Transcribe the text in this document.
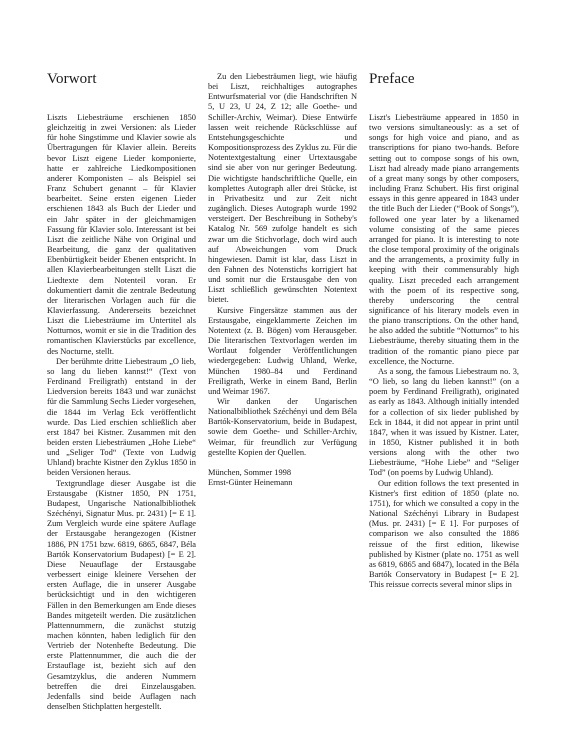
Vorwort	Preface

Liszts Liebesträume erschienen 1850 gleichzeitig in zwei Versionen: als Lieder für hohe Singstimme und Klavier sowie als Übertragungen für Klavier allein. Bereits bevor Liszt eigene Lieder komponierte, hatte er zahlreiche Liedkompositionen anderer Komponisten – als Beispiel sei Franz Schubert genannt – für Klavier bearbeitet. Seine ersten eigenen Lieder erschienen 1843 als Buch der Lieder und ein Jahr später in der gleichmamigen Fassung für Klavier solo. Interessant ist bei Liszt die zeitliche Nähe von Original und Bearbeitung, die ganz der qualitativen Ebenbürtigkeit beider Ebenen entspricht. In allen Klavierbearbeitungen stellt Liszt die Liedtexte dem Notenteil voran. Er dokumentiert damit die zentrale Bedeutung der literarischen Vorlagen auch für die Klavierfassung. Andererseits bezeichnet Liszt die Liebesträume im Untertitel als Notturnos, womit er sie in die Tradition des romantischen Klavierstücks par excellence, des Nocturne, stellt.

Der berühmte dritte Liebestraum „O lieb, so lang du lieben kannst!“ (Text von Ferdinand Freiligrath) entstand in der Liedversion bereits 1843 und war zunächst für die Sammlung Sechs Lieder vorgesehen, die 1844 im Verlag Eck veröffentlicht wurde. Das Lied erschien schließlich aber erst 1847 bei Kistner. Zusammen mit den beiden ersten Liebesträumen „Hohe Liebe“ und „Seliger Tod“ (Texte von Ludwig Uhland) brachte Kistner den Zyklus 1850 in beiden Versionen heraus.

Textgrundlage dieser Ausgabe ist die Erstausgabe (Kistner 1850, PN 1751, Budapest, Ungarische Nationalbibliothek Széchényi, Signatur Mus. pr. 2431) [= E 1]. Zum Vergleich wurde eine spätere Auflage der Erstausgabe herangezogen (Kistner 1886, PN 1751 bzw. 6819, 6865, 6847, Béla Bartók Konservatorium Budapest) [= E 2]. Diese Neuauflage der Erstausgabe verbessert einige kleinere Versehen der ersten Auflage, die in unserer Ausgabe berücksichtigt und in den wichtigeren Fällen in den Bemerkungen am Ende dieses Bandes mitgeteilt werden. Die zusätzlichen Plattennummern, die zunächst stutzig machen könnten, haben lediglich für den Vertrieb der Notenhefte Bedeutung. Die erste Plattennummer, die auch die der Erstauflage ist, bezieht sich auf den Gesamtzyklus, die anderen Nummern betreffen die drei Einzelausgaben. Jedenfalls sind beide Auflagen nach denselben Stichplatten hergestellt.

Zu den Liebesträumen liegt, wie häufig bei Liszt, reichhaltiges autographes Entwurfsmaterial vor (die Handschriften N 5, U 23, U 24, Z 12; alle Goethe- und Schiller-Archiv, Weimar). Diese Entwürfe lassen weit reichende Rückschlüsse auf Entstehungsgeschichte und Kompositionsprozess des Zyklus zu. Für die Notentextgestaltung einer Urtextausgabe sind sie aber von nur geringer Bedeutung. Die wichtigste handschriftliche Quelle, ein komplettes Autograph aller drei Stücke, ist in Privatbesitz und zur Zeit nicht zugänglich. Dieses Autograph wurde 1992 versteigert. Der Beschreibung in Sotheby's Katalog Nr. 569 zufolge handelt es sich zwar um die Stichvorlage, doch wird auch auf Abweichungen vom Druck hingewiesen. Damit ist klar, dass Liszt in den Fahnen des Notenstichs korrigiert hat und somit nur die Erstausgabe den von Liszt schließlich gewünschten Notentext bietet.

Kursive Fingersätze stammen aus der Erstausgabe, eingeklammerte Zeichen im Notentext (z. B. Bögen) vom Herausgeber. Die literarischen Textvorlagen werden im Wortlaut folgender Veröffentlichungen wiedergegeben: Ludwig Uhland, Werke, München 1980–84 und Ferdinand Freiligrath, Werke in einem Band, Berlin und Weimar 1967.

Wir danken der Ungarischen Nationalbibliothek Széchényi und dem Béla Bartók-Konservatorium, beide in Budapest, sowie dem Goethe- und Schiller-Archiv, Weimar, für freundlich zur Verfügung gestellte Kopien der Quellen.

München, Sommer 1998

Ernst-Günter Heinemann

Liszt's Liebesträume appeared in 1850 in two versions simultaneously: as a set of songs for high voice and piano, and as transcriptions for piano two-hands. Before setting out to compose songs of his own, Liszt had already made piano arrangements of a great many songs by other composers, including Franz Schubert. His first original essays in this genre appeared in 1843 under the title Buch der Lieder (“Book of Songs”), followed one year later by a likenamed volume consisting of the same pieces arranged for piano. It is interesting to note the close temporal proximity of the originals and the arrangements, a proximity fully in keeping with their commensurably high quality. Liszt preceded each arrangement with the poem of its respective song, thereby underscoring the central significance of his literary models even in the piano transcriptions. On the other hand, he also added the subtitle “Notturnos” to his Liebesträume, thereby situating them in the tradition of the romantic piano piece par excellence, the Nocturne.

As a song, the famous Liebestraum no. 3, “O lieb, so lang du lieben kannst!” (on a poem by Ferdinand Freiligrath), originated as early as 1843. Although initially intended for a collection of six lieder published by Eck in 1844, it did not appear in print until 1847, when it was issued by Kistner. Later, in 1850, Kistner published it in both versions along with the other two Liebesträume, “Hohe Liebe” and “Seliger Tod” (on poems by Ludwig Uhland).

Our edition follows the text presented in Kistner's first edition of 1850 (plate no. 1751), for which we consulted a copy in the National Széchényi Library in Budapest (Mus. pr. 2431) [= E 1]. For purposes of comparison we also consulted the 1886 reissue of the first edition, likewise published by Kistner (plate no. 1751 as well as 6819, 6865 and 6847), located in the Béla Bartók Conservatory in Budapest [= E 2]. This reissue corrects several minor slips in
